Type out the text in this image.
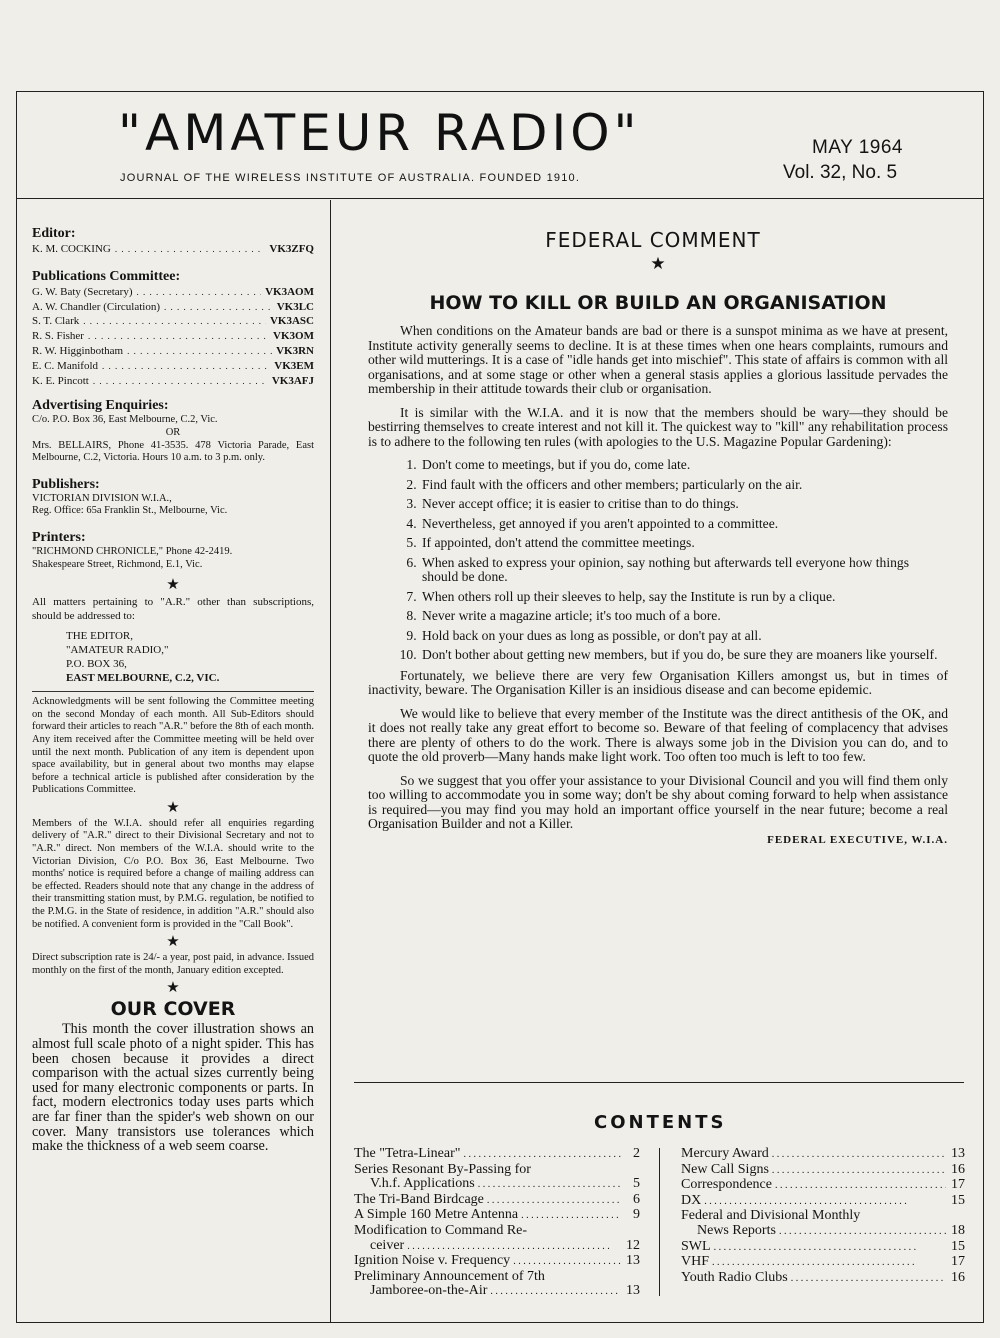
"AMATEUR RADIO"
JOURNAL OF THE WIRELESS INSTITUTE OF AUSTRALIA. FOUNDED 1910.
MAY 1964
Vol. 32, No. 5
Editor:
K. M. COCKING . . .	VK3ZFQ
Publications Committee:
G. W. Baty (Secretary) . . .	VK3AOM
A. W. Chandler (Circulation) . . .	VK3LC
S. T. Clark . . .	VK3ASC
R. S. Fisher . . .	VK3OM
R. W. Higginbotham . . .	VK3RN
E. C. Manifold . . .	VK3EM
K. E. Pincott . . .	VK3AFJ
Advertising Enquiries:

C/o. P.O. Box 36, East Melbourne, C.2, Vic.

OR

Mrs. BELLAIRS, Phone 41-3535. 478 Victoria Parade, East Melbourne, C.2, Victoria. Hours 10 a.m. to 3 p.m. only.

Publishers:

VICTORIAN DIVISION W.I.A.,

Reg. Office: 65a Franklin St., Melbourne, Vic.

Printers:

"RICHMOND CHRONICLE," Phone 42-2419.

Shakespeare Street, Richmond, E.1, Vic.

★

All matters pertaining to "A.R." other than subscriptions, should be addressed to:

THE EDITOR,
"AMATEUR RADIO,"
P.O. BOX 36,
EAST MELBOURNE, C.2, VIC.

Acknowledgments will be sent following the Committee meeting on the second Monday of each month. All Sub-Editors should forward their articles to reach "A.R." before the 8th of each month. Any item received after the Committee meeting will be held over until the next month. Publication of any item is dependent upon space availability, but in general about two months may elapse before a technical article is published after consideration by the Publications Committee.

★

Members of the W.I.A. should refer all enquiries regarding delivery of "A.R." direct to their Divisional Secretary and not to "A.R." direct. Non members of the W.I.A. should write to the Victorian Division, C/o P.O. Box 36, East Melbourne. Two months' notice is required before a change of mailing address can be effected. Readers should note that any change in the address of their transmitting station must, by P.M.G. regulation, be notified to the P.M.G. in the State of residence, in addition "A.R." should also be notified. A convenient form is provided in the "Call Book".

★

Direct subscription rate is 24/- a year, post paid, in advance. Issued monthly on the first of the month, January edition excepted.

★
OUR COVER

This month the cover illustration shows an almost full scale photo of a night spider. This has been chosen because it provides a direct comparison with the actual sizes currently being used for many electronic components or parts. In fact, modern electronics today uses parts which are far finer than the spider's web shown on our cover. Many transistors use tolerances which make the thickness of a web seem coarse.

FEDERAL COMMENT
★
HOW TO KILL OR BUILD AN ORGANISATION

When conditions on the Amateur bands are bad or there is a sunspot minima as we have at present, Institute activity generally seems to decline. It is at these times when one hears complaints, rumours and other wild mutterings. It is a case of "idle hands get into mischief". This state of affairs is common with all organisations, and at some stage or other when a general stasis applies a glorious lassitude pervades the membership in their attitude towards their club or organisation.

It is similar with the W.I.A. and it is now that the members should be wary—they should be bestirring themselves to create interest and not kill it. The quickest way to "kill" any rehabilitation process is to adhere to the following ten rules (with apologies to the U.S. Magazine Popular Gardening):

1. Don't come to meetings, but if you do, come late.
2. Find fault with the officers and other members; particularly on the air.
3. Never accept office; it is easier to critise than to do things.
4. Nevertheless, get annoyed if you aren't appointed to a committee.
5. If appointed, don't attend the committee meetings.
6. When asked to express your opinion, say nothing but afterwards tell everyone how things should be done.
7. When others roll up their sleeves to help, say the Institute is run by a clique.
8. Never write a magazine article; it's too much of a bore.
9. Hold back on your dues as long as possible, or don't pay at all.
10. Don't bother about getting new members, but if you do, be sure they are moaners like yourself.

Fortunately, we believe there are very few Organisation Killers amongst us, but in times of inactivity, beware. The Organisation Killer is an insidious disease and can become epidemic.

We would like to believe that every member of the Institute was the direct antithesis of the OK, and it does not really take any great effort to become so. Beware of that feeling of complacency that advises there are plenty of others to do the work. There is always some job in the Division you can do, and to quote the old proverb—Many hands make light work. Too often too much is left to too few.

So we suggest that you offer your assistance to your Divisional Council and you will find them only too willing to accommodate you in some way; don't be shy about coming forward to help when assistance is required—you may find you may hold an important office yourself in the near future; become a real Organisation Builder and not a Killer.

FEDERAL EXECUTIVE, W.I.A.
CONTENTS
The "Tetra-Linear" . . .	2
Series Resonant By-Passing for
V.h.f. Applications . . .	5
The Tri-Band Birdcage . . .	6
A Simple 160 Metre Antenna . . .	9
Modification to Command Re-
ceiver . . .	12
Ignition Noise v. Frequency . . .	13
Preliminary Announcement of 7th
Jamboree-on-the-Air . . .	13
Mercury Award . . .	13
New Call Signs . . .	16
Correspondence . . .	17
DX . . .	15
Federal and Divisional Monthly
News Reports . . .	18
SWL . . .	15
VHF . . .	17
Youth Radio Clubs . . .	16
